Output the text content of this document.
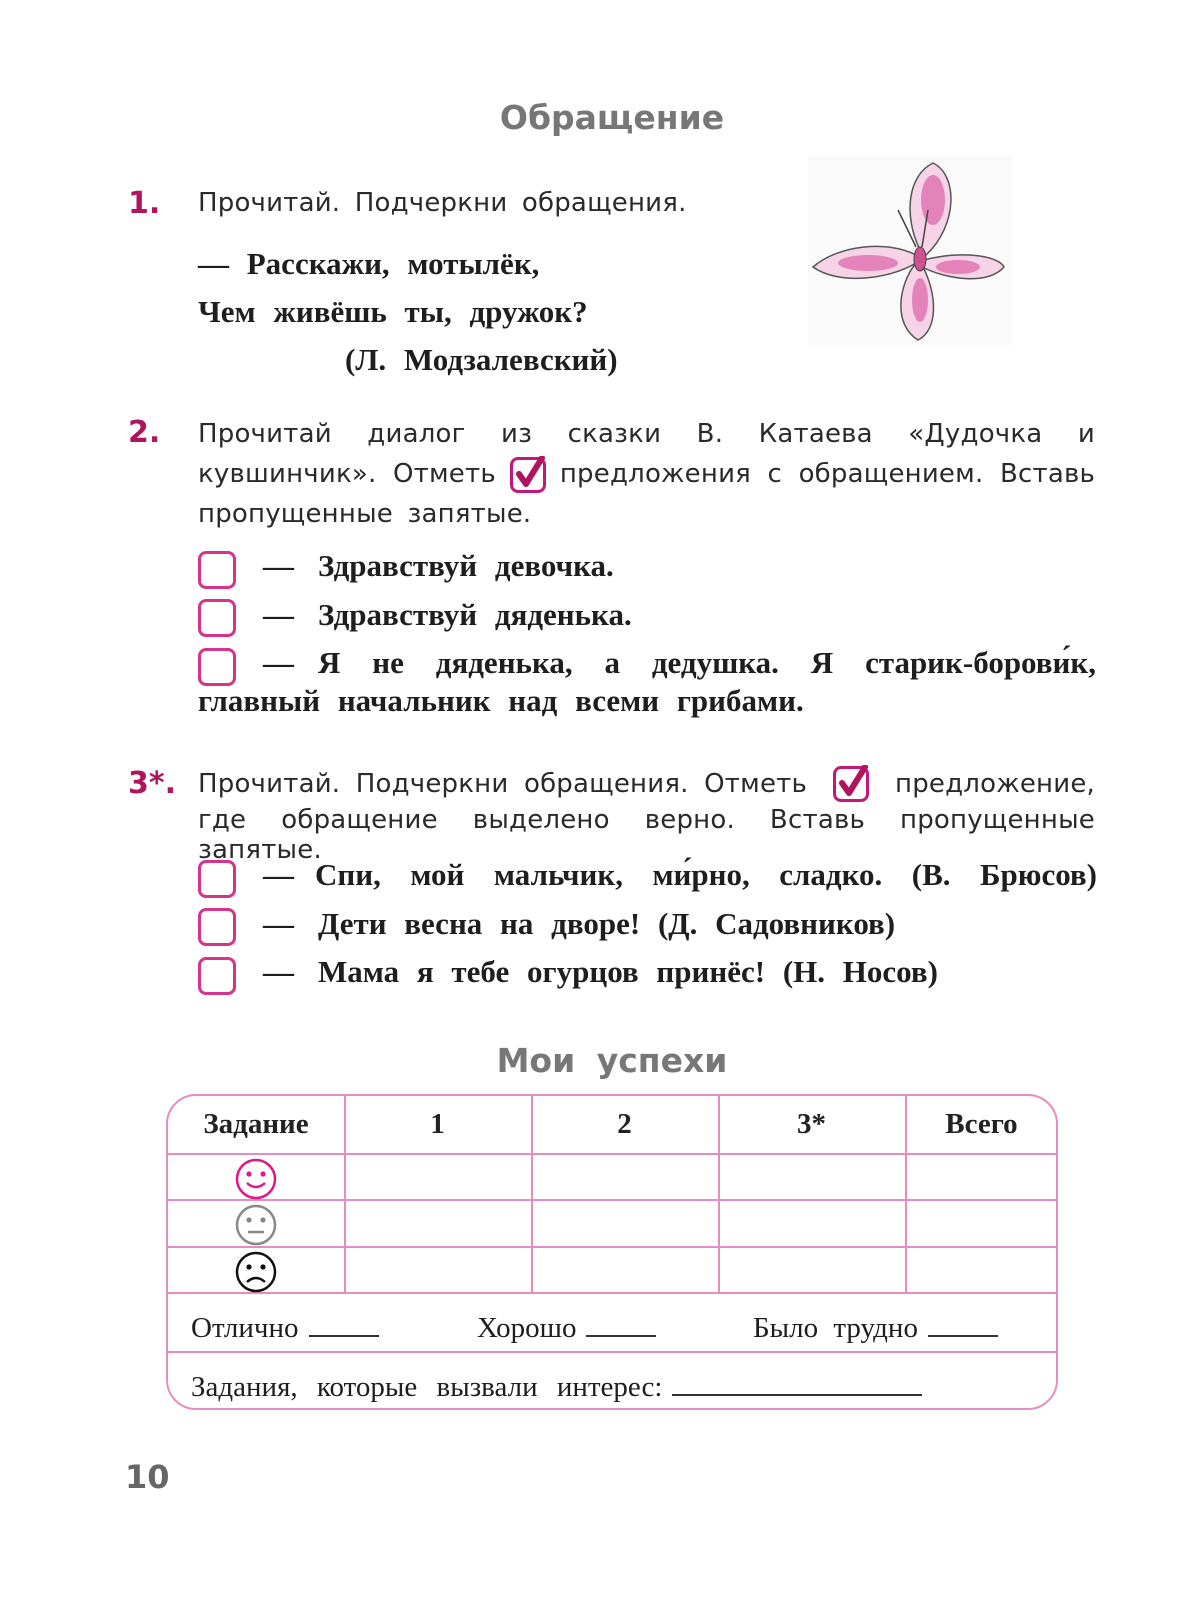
Обращение
1. Прочитай. Подчеркни обращения.
— Расскажи, мотылёк,
Чем живёшь ты, дружок?
(Л. Модзалевский)
2. Прочитай диалог из сказки В. Катаева «Дудочка и кувшинчик». Отметь предложения с обращением. Вставь пропущенные запятые.
— Здравствуй девочка.
— Здравствуй дяденька.
— Я не дяденька, а дедушка. Я старик-борови́к,
главный начальник над всеми грибами.
3*. Прочитай. Подчеркни обращения. Отметь	предложение,
где обращение выделено верно. Вставь пропущенные запятые.
— Спи, мой мальчик, ми́рно, сладко. (В. Брюсов)
— Дети весна на дворе! (Д. Садовников)
— Мама я тебе огурцов принёс! (Н. Носов)
Мои успехи
Задание	1	2	3*	Всего
Отлично	Хорошо	Было трудно
Задания, которые вызвали интерес:
10
